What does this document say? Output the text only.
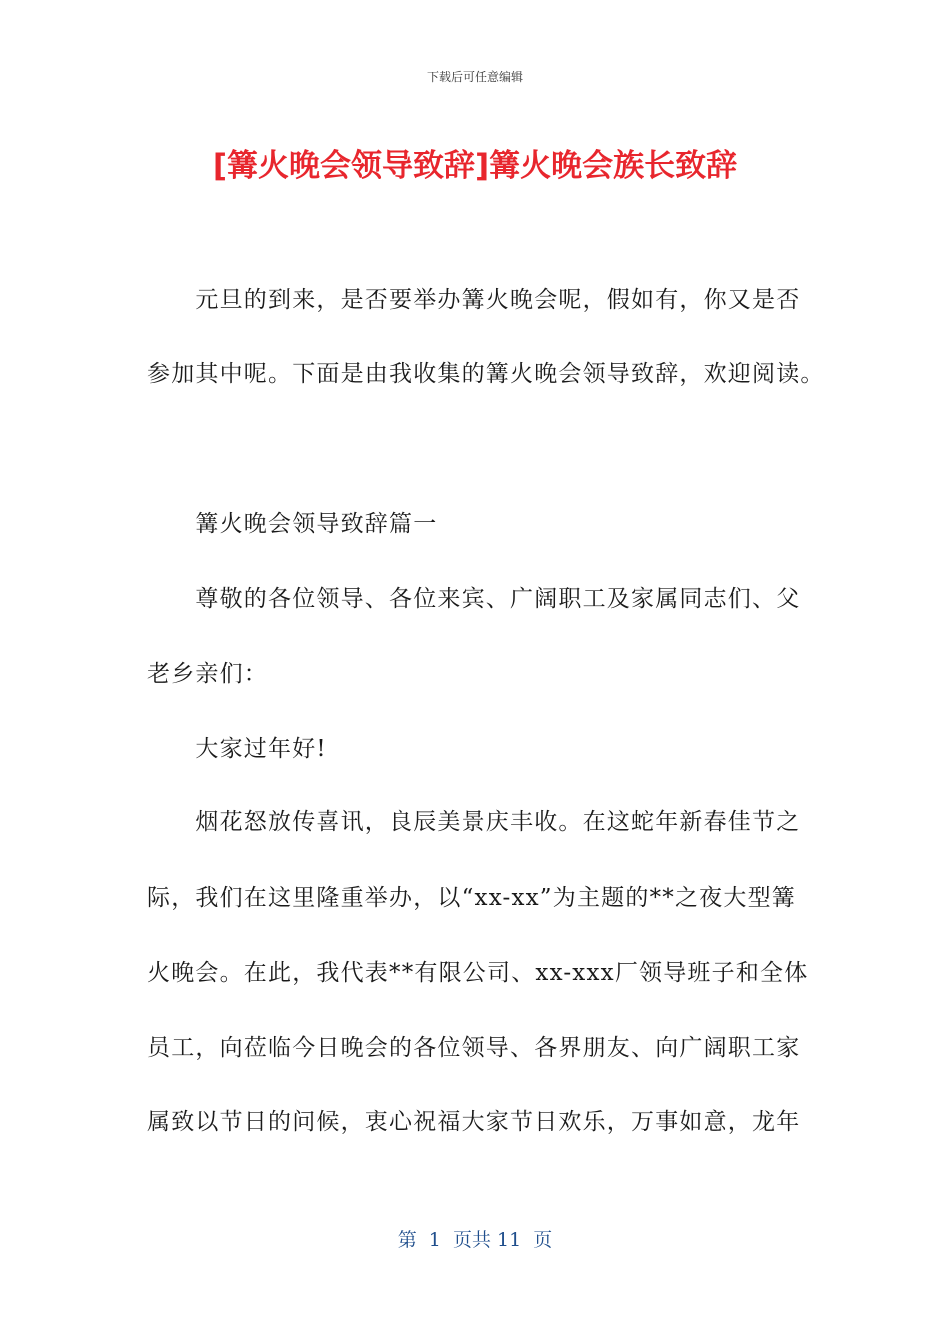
下载后可任意编辑
[篝火晚会领导致辞]篝火晚会族长致辞
　　元旦的到来，是否要举办篝火晚会呢，假如有，你又是否
参加其中呢。下面是由我收集的篝火晚会领导致辞，欢迎阅读。
　　篝火晚会领导致辞篇一
　　尊敬的各位领导、各位来宾、广阔职工及家属同志们、父
老乡亲们：
　　大家过年好!
　　烟花怒放传喜讯，良辰美景庆丰收。在这蛇年新春佳节之
际，我们在这里隆重举办，以“xx-xx”为主题的**之夜大型篝
火晚会。在此，我代表**有限公司、xx-xxx厂领导班子和全体
员工，向莅临今日晚会的各位领导、各界朋友、向广阔职工家
属致以节日的问候，衷心祝福大家节日欢乐，万事如意，龙年
第  1  页共 11  页
